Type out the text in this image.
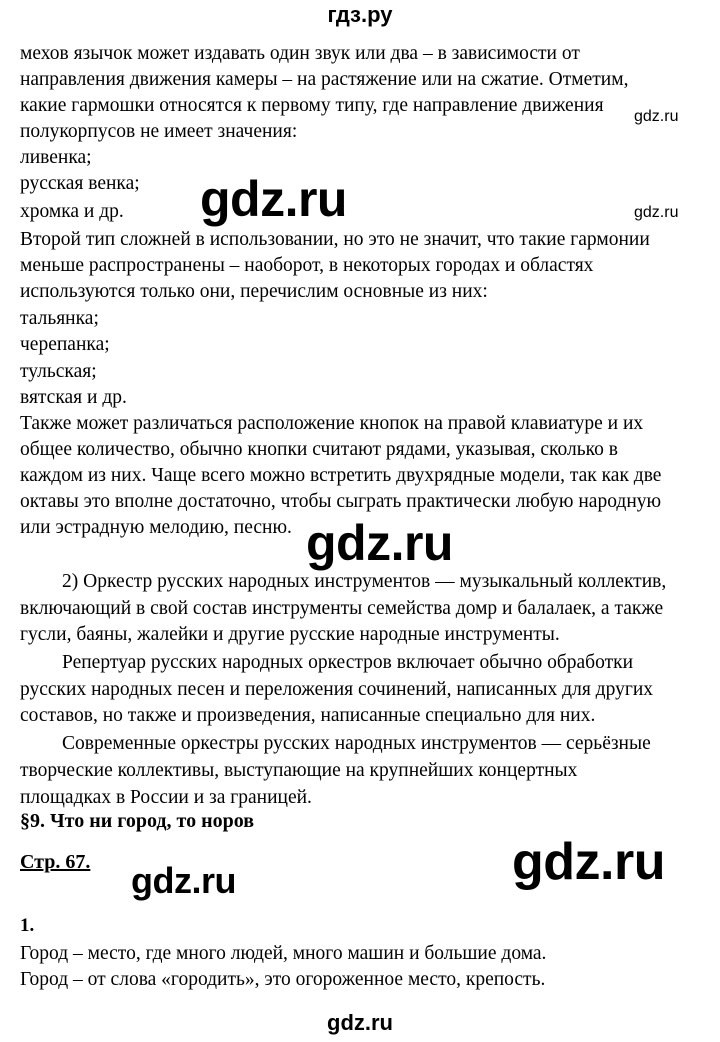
гдз.ру
мехов язычок может издавать один звук или два – в зависимости от
направления движения камеры – на растяжение или на сжатие. Отметим,
какие гармошки относятся к первому типу, где направление движения
полукорпусов не имеет значения:
ливенка;
русская венка;
хромка и др.
Второй тип сложней в использовании, но это не значит, что такие гармонии
меньше распространены – наоборот, в некоторых городах и областях
используются только они, перечислим основные из них:
тальянка;
черепанка;
тульская;
вятская и др.
Также может различаться расположение кнопок на правой клавиатуре и их
общее количество, обычно кнопки считают рядами, указывая, сколько в
каждом из них. Чаще всего можно встретить двухрядные модели, так как две
октавы это вполне достаточно, чтобы сыграть практически любую народную
или эстрадную мелодию, песню.
2) Оркестр русских народных инструментов — музыкальный коллектив,
включающий в свой состав инструменты семейства домр и балалаек, а также
гусли, баяны, жалейки и другие русские народные инструменты.
Репертуар русских народных оркестров включает обычно обработки
русских народных песен и переложения сочинений, написанных для других
составов, но также и произведения, написанные специально для них.
Современные оркестры русских народных инструментов — серьёзные
творческие коллективы, выступающие на крупнейших концертных
площадках в России и за границей.
§9. Что ни город, то норов
Стр. 67.
1.
Город – место, где много людей, много машин и большие дома.
Город – от слова «городить», это огороженное место, крепость.
gdz.ru
gdz.ru
gdz.ru
gdz.ru
gdz.ru
gdz.ru
gdz.ru
